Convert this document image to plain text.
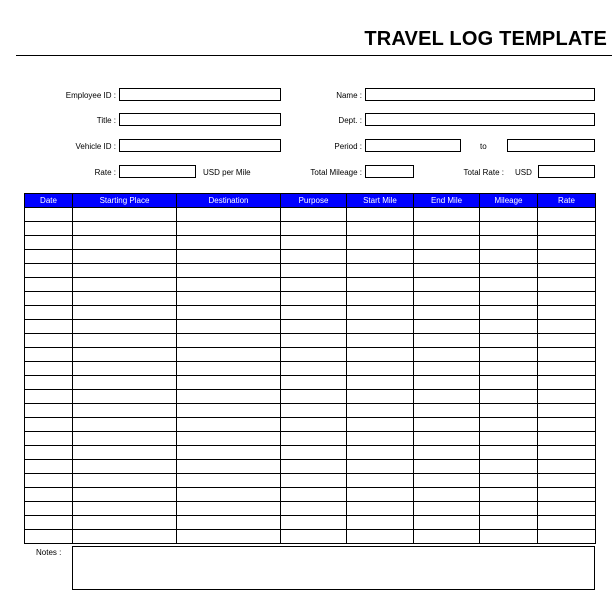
TRAVEL LOG TEMPLATE
Employee ID :	Name :
Title :	Dept. :
Vehicle ID :	Period :	to
Rate :	USD per Mile	Total Mileage :	Total Rate : USD
Date	Starting Place	Destination	Purpose	Start Mile	End Mile	Mileage	Rate

Notes :
